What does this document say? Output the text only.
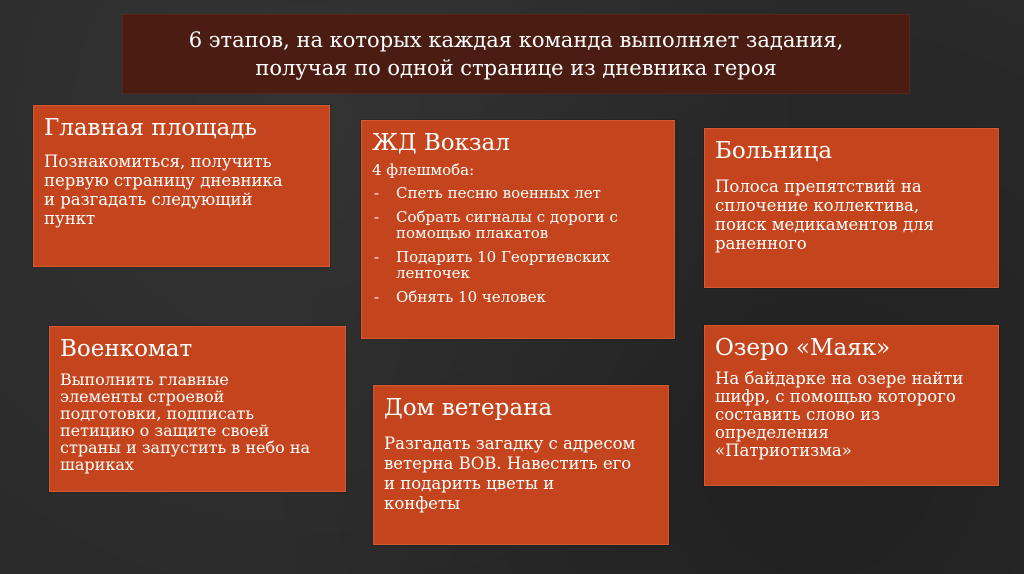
6 этапов, на которых каждая команда выполняет задания,
получая по одной странице из дневника героя
Главная площадь
Познакомиться, получить
первую страницу дневника
и разгадать следующий
пункт
ЖД Вокзал
4 флешмоба:
- Спеть песню военных лет
- Собрать сигналы с дороги с
помощью плакатов
- Подарить 10 Георгиевских
ленточек
- Обнять 10 человек
Больница
Полоса препятствий на
сплочение коллектива,
поиск медикаментов для
раненного
Военкомат
Выполнить главные
элементы строевой
подготовки, подписать
петицию о защите своей
страны и запустить в небо на
шариках
Дом ветерана
Разгадать загадку с адресом
ветерна ВОВ. Навестить его
и подарить цветы и
конфеты
Озеро «Маяк»
На байдарке на озере найти
шифр, с помощью которого
составить слово из
определения
«Патриотизма»
